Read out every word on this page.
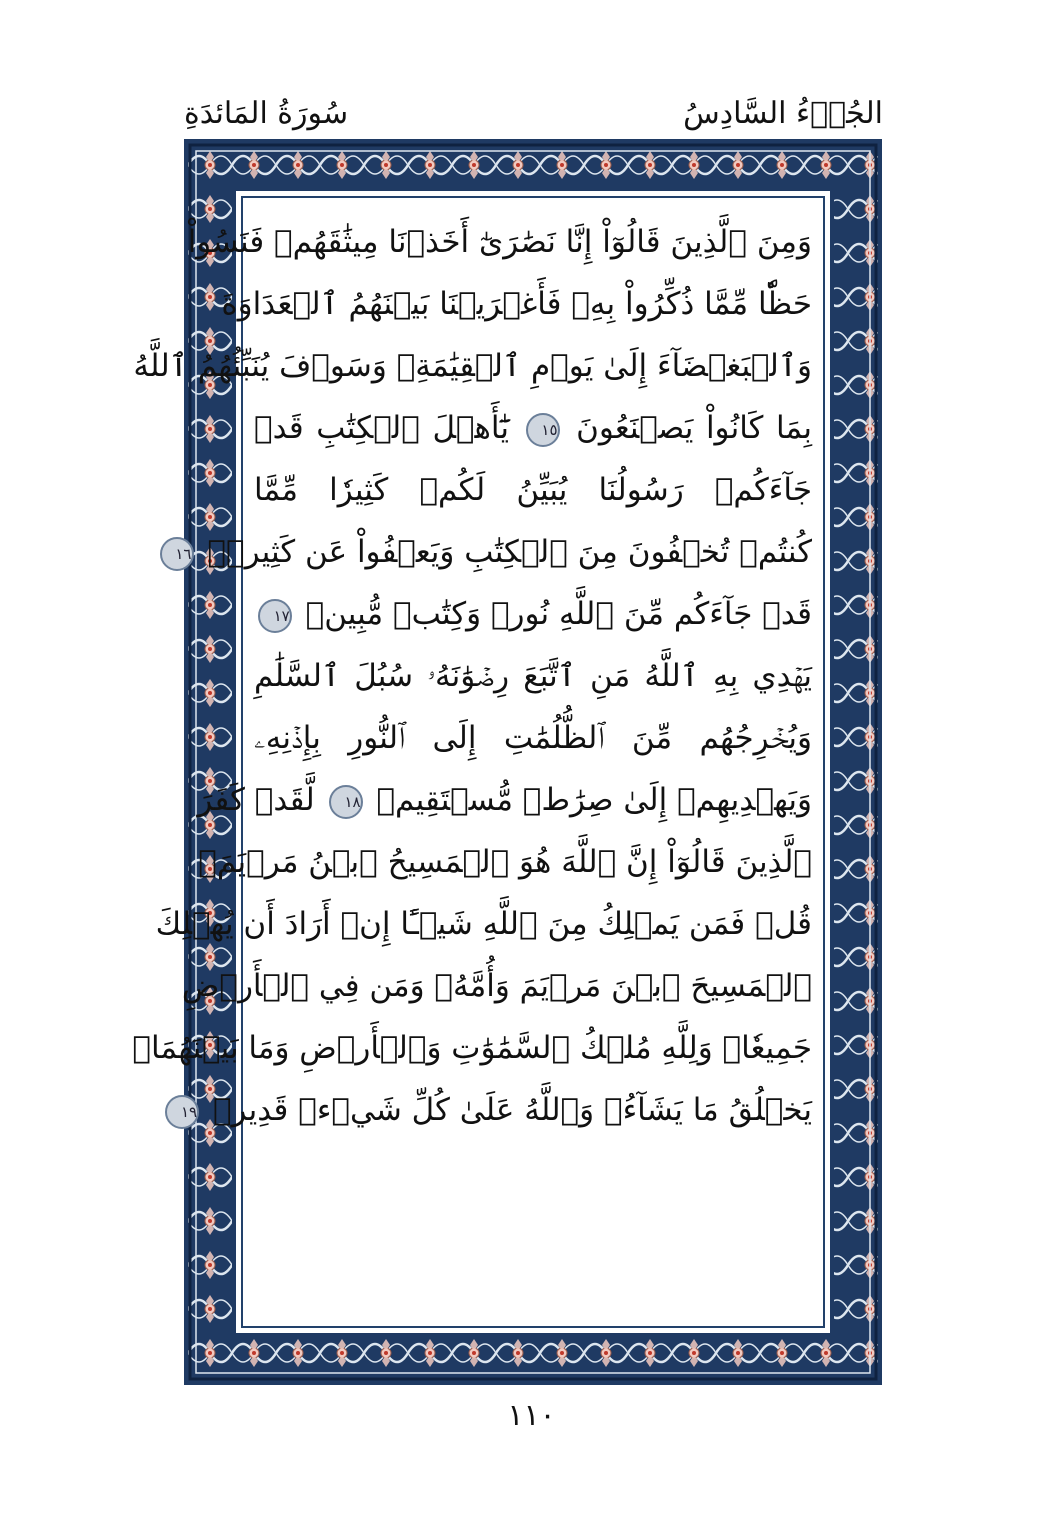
الجُزۡءُ السَّادِسُ
سُورَةُ المَائدَةِ
وَمِنَ ٱلَّذِينَ قَالُوٓاْ إِنَّا نَصَٰرَىٰٓ أَخَذۡنَا مِيثَٰقَهُمۡ فَنَسُواْ
حَظّٗا مِّمَّا ذُكِّرُواْ بِهِۦ فَأَغۡرَيۡنَا بَيۡنَهُمُ ٱلۡعَدَاوَةَ
وَٱلۡبَغۡضَآءَ إِلَىٰ يَوۡمِ ٱلۡقِيَٰمَةِۚ وَسَوۡفَ يُنَبِّئُهُمُ ٱللَّهُ
بِمَا كَانُواْ يَصۡنَعُونَ ١٥ يَٰٓأَهۡلَ ٱلۡكِتَٰبِ قَدۡ
جَآءَكُمۡ رَسُولُنَا يُبَيِّنُ لَكُمۡ كَثِيرٗا مِّمَّا
كُنتُمۡ تُخۡفُونَ مِنَ ٱلۡكِتَٰبِ وَيَعۡفُواْ عَن كَثِيرٖۚ ١٦
قَدۡ جَآءَكُم مِّنَ ٱللَّهِ نُورٞ وَكِتَٰبٞ مُّبِينٞ ١٧
يَهۡدِي بِهِ ٱللَّهُ مَنِ ٱتَّبَعَ رِضۡوَٰنَهُۥ سُبُلَ ٱلسَّلَٰمِ
وَيُخۡرِجُهُم مِّنَ ٱلظُّلُمَٰتِ إِلَى ٱلنُّورِ بِإِذۡنِهِۦ
وَيَهۡدِيهِمۡ إِلَىٰ صِرَٰطٖ مُّسۡتَقِيمٖ ١٨ لَّقَدۡ كَفَرَ
ٱلَّذِينَ قَالُوٓاْ إِنَّ ٱللَّهَ هُوَ ٱلۡمَسِيحُ ٱبۡنُ مَرۡيَمَۚ
قُلۡ فَمَن يَمۡلِكُ مِنَ ٱللَّهِ شَيۡـًٔا إِنۡ أَرَادَ أَن يُهۡلِكَ
ٱلۡمَسِيحَ ٱبۡنَ مَرۡيَمَ وَأُمَّهُۥ وَمَن فِي ٱلۡأَرۡضِ
جَمِيعٗاۗ وَلِلَّهِ مُلۡكُ ٱلسَّمَٰوَٰتِ وَٱلۡأَرۡضِ وَمَا بَيۡنَهُمَاۚ
يَخۡلُقُ مَا يَشَآءُۚ وَٱللَّهُ عَلَىٰ كُلِّ شَيۡءٖ قَدِيرٞ ١٩
١١٠
